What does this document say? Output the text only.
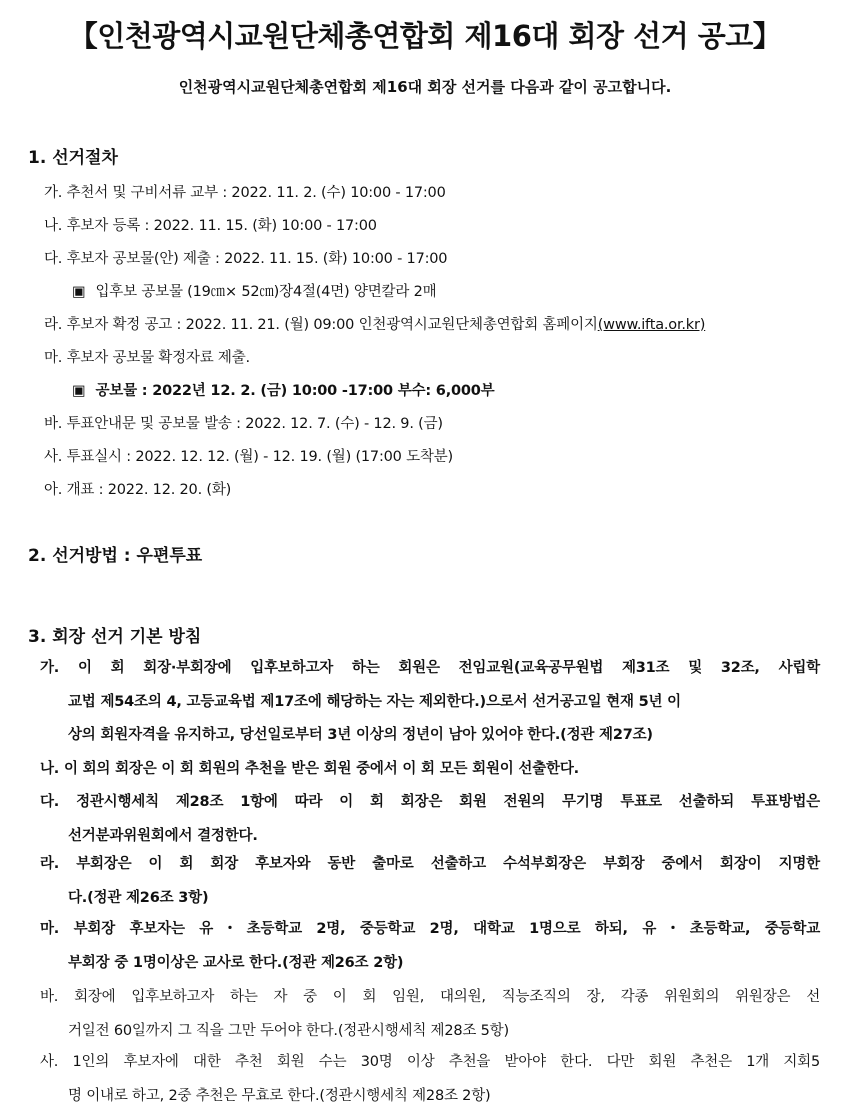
【인천광역시교원단체총연합회 제16대 회장 선거 공고】
인천광역시교원단체총연합회 제16대 회장 선거를 다음과 같이 공고합니다.
1. 선거절차
가. 추천서 및 구비서류 교부 : 2022. 11. 2. (수) 10:00 - 17:00
나. 후보자 등록 : 2022. 11. 15. (화) 10:00 - 17:00
다. 후보자 공보물(안) 제출 : 2022. 11. 15. (화) 10:00 - 17:00
▣ 입후보 공보물 (19㎝× 52㎝)장4절(4면) 양면칼라 2매
라. 후보자 확정 공고 : 2022. 11. 21. (월) 09:00 인천광역시교원단체총연합회 홈페이지(www.ifta.or.kr)
마. 후보자 공보물 확정자료 제출.
▣ 공보물 : 2022년 12. 2. (금) 10:00 -17:00 부수: 6,000부
바. 투표안내문 및 공보물 발송 : 2022. 12. 7. (수) - 12. 9. (금)
사. 투표실시 : 2022. 12. 12. (월) - 12. 19. (월) (17:00 도착분)
아. 개표 : 2022. 12. 20. (화)
2. 선거방법 : 우편투표
3. 회장 선거 기본 방침
가. 이 회 회장·부회장에 입후보하고자 하는 회원은 전임교원(교육공무원법 제31조 및 32조, 사립학
교법 제54조의 4, 고등교육법 제17조에 해당하는 자는 제외한다.)으로서 선거공고일 현재 5년 이
상의 회원자격을 유지하고, 당선일로부터 3년 이상의 정년이 남아 있어야 한다.(정관 제27조)
나. 이 회의 회장은 이 회 회원의 추천을 받은 회원 중에서 이 회 모든 회원이 선출한다.
다. 정관시행세칙 제28조 1항에 따라 이 회 회장은 회원 전원의 무기명 투표로 선출하되 투표방법은
선거분과위원회에서 결정한다.
라. 부회장은 이 회 회장 후보자와 동반 출마로 선출하고 수석부회장은 부회장 중에서 회장이 지명한
다.(정관 제26조 3항)
마. 부회장 후보자는 유・초등학교 2명, 중등학교 2명, 대학교 1명으로 하되, 유・초등학교, 중등학교
부회장 중 1명이상은 교사로 한다.(정관 제26조 2항)
바. 회장에 입후보하고자 하는 자 중 이 회 임원, 대의원, 직능조직의 장, 각종 위원회의 위원장은 선
거일전 60일까지 그 직을 그만 두어야 한다.(정관시행세칙 제28조 5항)
사. 1인의 후보자에 대한 추천 회원 수는 30명 이상 추천을 받아야 한다. 다만 회원 추천은 1개 지회5
명 이내로 하고, 2중 추천은 무효로 한다.(정관시행세칙 제28조 2항)
